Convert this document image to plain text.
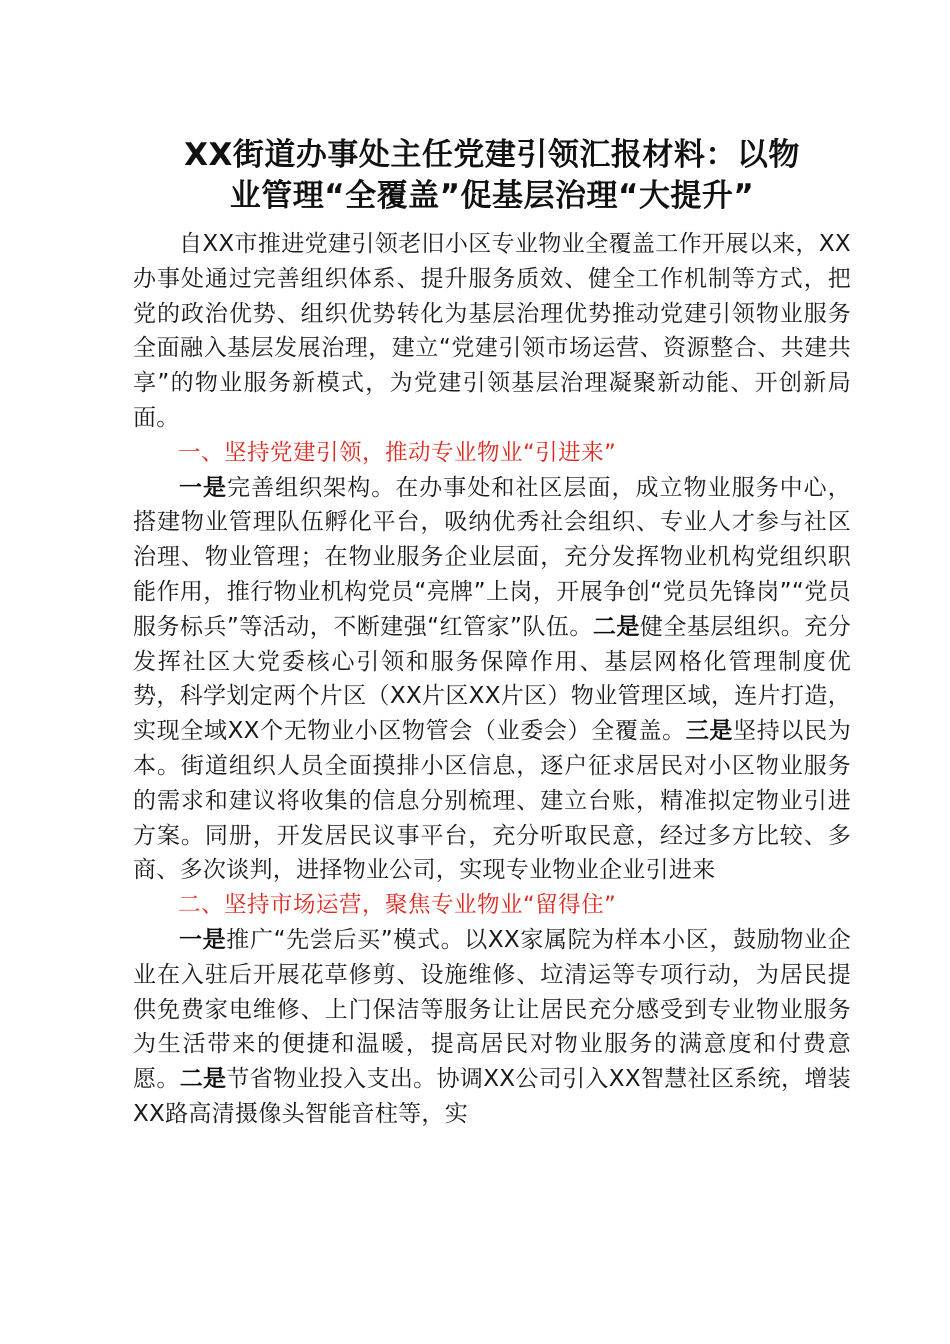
XX街道办事处主任党建引领汇报材料：以物
业管理“全覆盖”促基层治理“大提升”

自XX市推进党建引领老旧小区专业物业全覆盖工作开展以来，XX办事处通过完善组织体系、提升服务质效、健全工作机制等方式，把党的政治优势、组织优势转化为基层治理优势推动党建引领物业服务全面融入基层发展治理，建立“党建引领市场运营、资源整合、共建共享”的物业服务新模式，为党建引领基层治理凝聚新动能、开创新局面。

一、坚持党建引领，推动专业物业“引进来”

一是完善组织架构。在办事处和社区层面，成立物业服务中心，搭建物业管理队伍孵化平台，吸纳优秀社会组织、专业人才参与社区治理、物业管理；在物业服务企业层面，充分发挥物业机构党组织职能作用，推行物业机构党员“亮牌”上岗，开展争创“党员先锋岗”“党员服务标兵”等活动，不断建强“红管家”队伍。二是健全基层组织。充分发挥社区大党委核心引领和服务保障作用、基层网格化管理制度优势，科学划定两个片区（XX片区XX片区）物业管理区域，连片打造，实现全域XX个无物业小区物管会（业委会）全覆盖。三是坚持以民为本。街道组织人员全面摸排小区信息，逐户征求居民对小区物业服务的需求和建议将收集的信息分别梳理、建立台账，精准拟定物业引进方案。同册，开发居民议事平台，充分听取民意，经过多方比较、多商、多次谈判，进择物业公司，实现专业物业企业引进来

二、坚持市场运营，聚焦专业物业“留得住”

一是推广“先尝后买”模式。以XX家属院为样本小区，鼓励物业企业在入驻后开展花草修剪、设施维修、垃清运等专项行动，为居民提供免费家电维修、上门保洁等服务让让居民充分感受到专业物业服务为生活带来的便捷和温暖，提高居民对物业服务的满意度和付费意愿。二是节省物业投入支出。协调XX公司引入XX智慧社区系统，增装XX路高清摄像头智能音柱等，实
